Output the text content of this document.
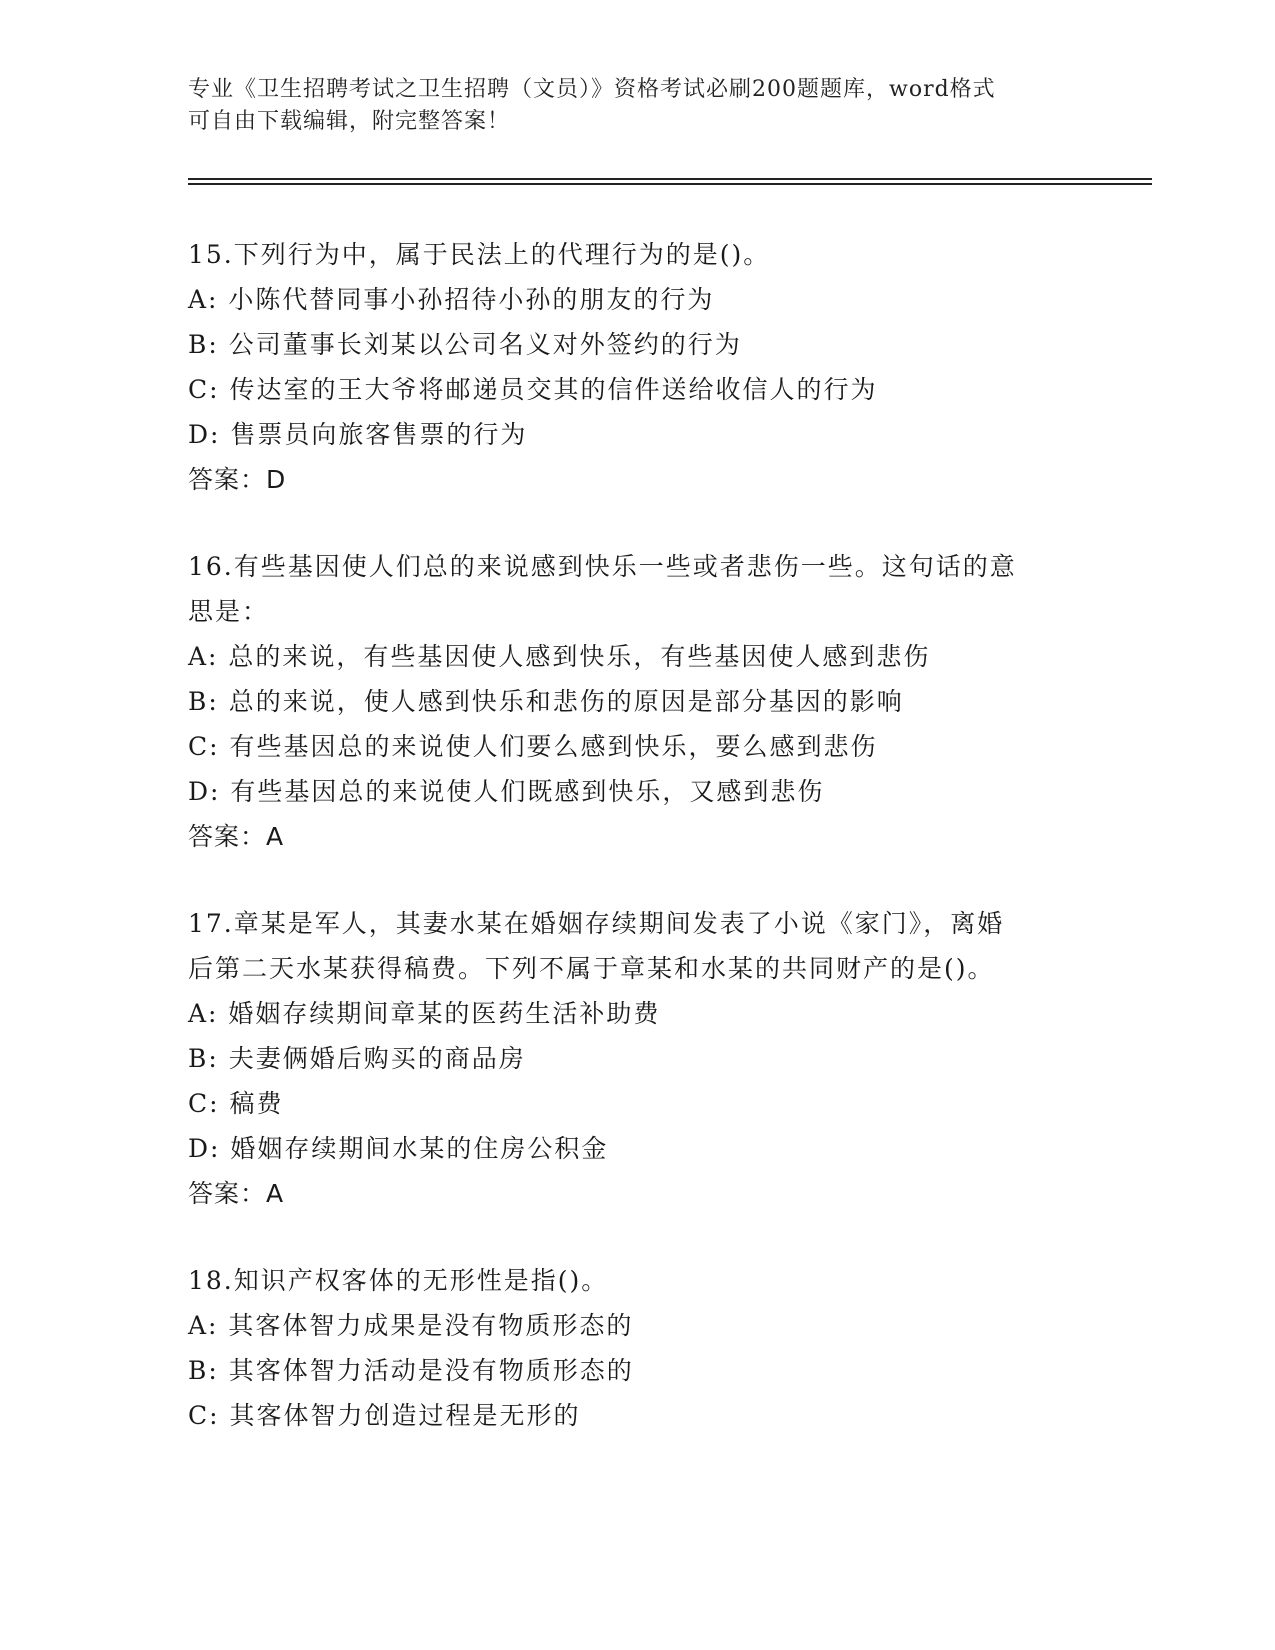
专业《卫生招聘考试之卫生招聘（文员）》资格考试必刷200题题库，word格式
可自由下载编辑，附完整答案！

15.下列行为中，属于民法上的代理行为的是()。

A: 小陈代替同事小孙招待小孙的朋友的行为

B: 公司董事长刘某以公司名义对外签约的行为

C: 传达室的王大爷将邮递员交其的信件送给收信人的行为

D: 售票员向旅客售票的行为

答案：D

16.有些基因使人们总的来说感到快乐一些或者悲伤一些。这句话的意

思是：

A: 总的来说，有些基因使人感到快乐，有些基因使人感到悲伤

B: 总的来说，使人感到快乐和悲伤的原因是部分基因的影响

C: 有些基因总的来说使人们要么感到快乐，要么感到悲伤

D: 有些基因总的来说使人们既感到快乐，又感到悲伤

答案：A

17.章某是军人，其妻水某在婚姻存续期间发表了小说《家门》，离婚

后第二天水某获得稿费。下列不属于章某和水某的共同财产的是()。

A: 婚姻存续期间章某的医药生活补助费

B: 夫妻俩婚后购买的商品房

C: 稿费

D: 婚姻存续期间水某的住房公积金

答案：A

18.知识产权客体的无形性是指()。

A: 其客体智力成果是没有物质形态的

B: 其客体智力活动是没有物质形态的

C: 其客体智力创造过程是无形的
